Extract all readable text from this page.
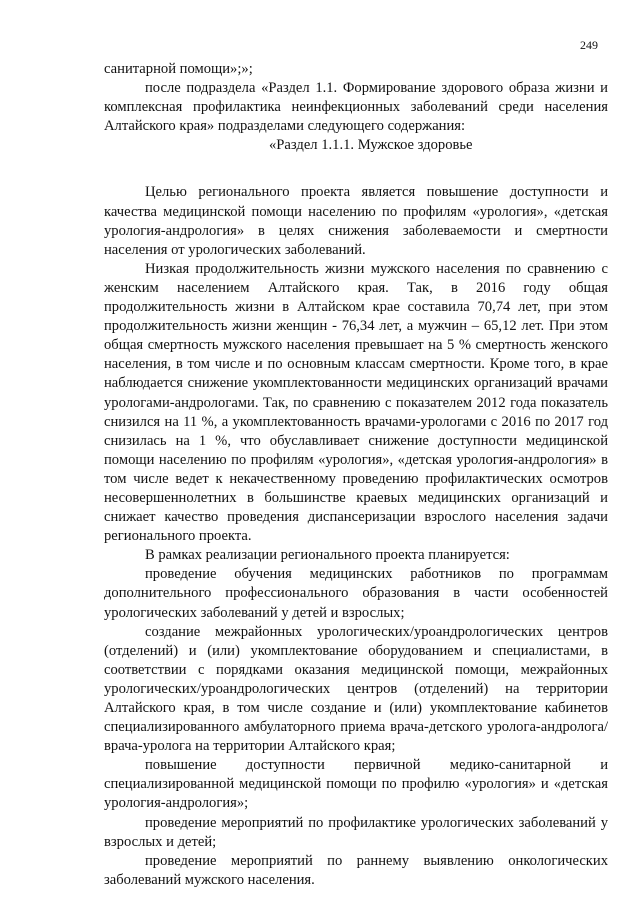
249

санитарной помощи»;»;

после подраздела «Раздел 1.1. Формирование здорового образа жизни и комплексная профилактика неинфекционных заболеваний среди населения Алтайского края» подразделами следующего содержания:

«Раздел 1.1.1. Мужское здоровье

Целью регионального проекта является повышение доступности и качества медицинской помощи населению по профилям «урология», «детская урология-андрология» в целях снижения заболеваемости и смертности населения от урологических заболеваний.

Низкая продолжительность жизни мужского населения по сравнению с женским населением Алтайского края. Так, в 2016 году общая продолжительность жизни в Алтайском крае составила 70,74 лет, при этом продолжительность жизни женщин - 76,34 лет, а мужчин – 65,12 лет. При этом общая смертность мужского населения превышает на 5 % смертность женского населения, в том числе и по основным классам смертности. Кроме того, в крае наблюдается снижение укомплектованности медицинских организаций врачами урологами-андрологами. Так, по сравнению с показателем 2012 года показатель снизился на 11 %, а укомплектованность врачами-урологами с 2016 по 2017 год снизилась на 1 %, что обуславливает снижение доступности медицинской помощи населению по профилям «урология», «детская урология-андрология» в том числе ведет к некачественному проведению профилактических осмотров несовершеннолетних в большинстве краевых медицинских организаций и снижает качество проведения диспансеризации взрослого населения задачи регионального проекта.

В рамках реализации регионального проекта планируется:

проведение обучения медицинских работников по программам дополнительного профессионального образования в части особенностей урологических заболеваний у детей и взрослых;

создание межрайонных урологических/уроандрологических центров (отделений) и (или) укомплектование оборудованием и специалистами, в соответствии с порядками оказания медицинской помощи, межрайонных урологических/уроандрологических центров (отделений) на территории Алтайского края, в том числе создание и (или) укомплектование кабинетов специализированного амбулаторного приема врача-детского уролога-андролога/врача-уролога на территории Алтайского края;

повышение доступности первичной медико-санитарной и специализированной медицинской помощи по профилю «урология» и «детская урология-андрология»;

проведение мероприятий по профилактике урологических заболеваний у взрослых и детей;

проведение мероприятий по раннему выявлению онкологических заболеваний мужского населения.
